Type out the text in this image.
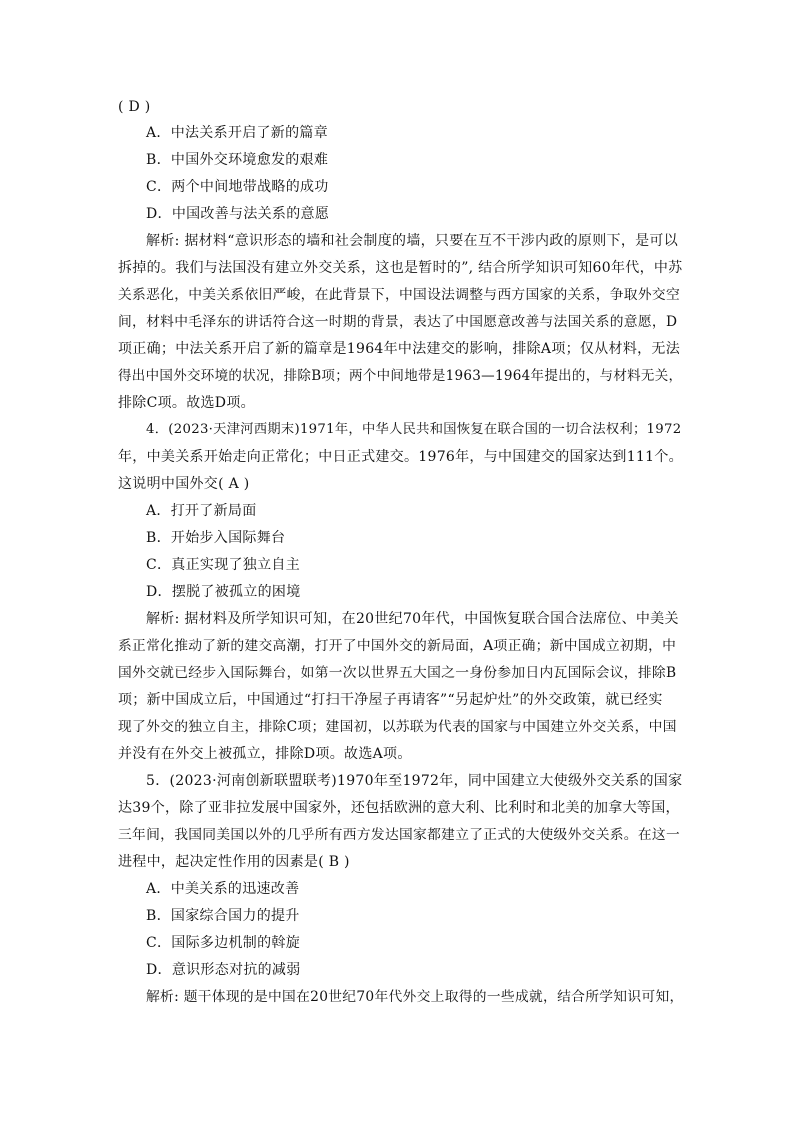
( D )
A．中法关系开启了新的篇章
B．中国外交环境愈发的艰难
C．两个中间地带战略的成功
D．中国改善与法关系的意愿
解析: 据材料“意识形态的墙和社会制度的墙，只要在互不干涉内政的原则下，是可以
拆掉的。我们与法国没有建立外交关系，这也是暂时的”, 结合所学知识可知60年代，中苏
关系恶化，中美关系依旧严峻，在此背景下，中国设法调整与西方国家的关系，争取外交空
间，材料中毛泽东的讲话符合这一时期的背景，表达了中国愿意改善与法国关系的意愿，D
项正确；中法关系开启了新的篇章是1964年中法建交的影响，排除A项；仅从材料，无法
得出中国外交环境的状况，排除B项；两个中间地带是1963—1964年提出的，与材料无关，
排除C项。故选D项。
4．(2023·天津河西期末)1971年，中华人民共和国恢复在联合国的一切合法权利；1972
年，中美关系开始走向正常化；中日正式建交。1976年，与中国建交的国家达到111个。
这说明中国外交( A )
A．打开了新局面
B．开始步入国际舞台
C．真正实现了独立自主
D．摆脱了被孤立的困境
解析: 据材料及所学知识可知，在20世纪70年代，中国恢复联合国合法席位、中美关
系正常化推动了新的建交高潮，打开了中国外交的新局面，A项正确；新中国成立初期，中
国外交就已经步入国际舞台，如第一次以世界五大国之一身份参加日内瓦国际会议，排除B
项；新中国成立后，中国通过“打扫干净屋子再请客”“另起炉灶”的外交政策，就已经实
现了外交的独立自主，排除C项；建国初，以苏联为代表的国家与中国建立外交关系，中国
并没有在外交上被孤立，排除D项。故选A项。
5．(2023·河南创新联盟联考)1970年至1972年，同中国建立大使级外交关系的国家
达39个，除了亚非拉发展中国家外，还包括欧洲的意大利、比利时和北美的加拿大等国，
三年间，我国同美国以外的几乎所有西方发达国家都建立了正式的大使级外交关系。在这一
进程中，起决定性作用的因素是( B )
A．中美关系的迅速改善
B．国家综合国力的提升
C．国际多边机制的斡旋
D．意识形态对抗的减弱
解析: 题干体现的是中国在20世纪70年代外交上取得的一些成就，结合所学知识可知，
